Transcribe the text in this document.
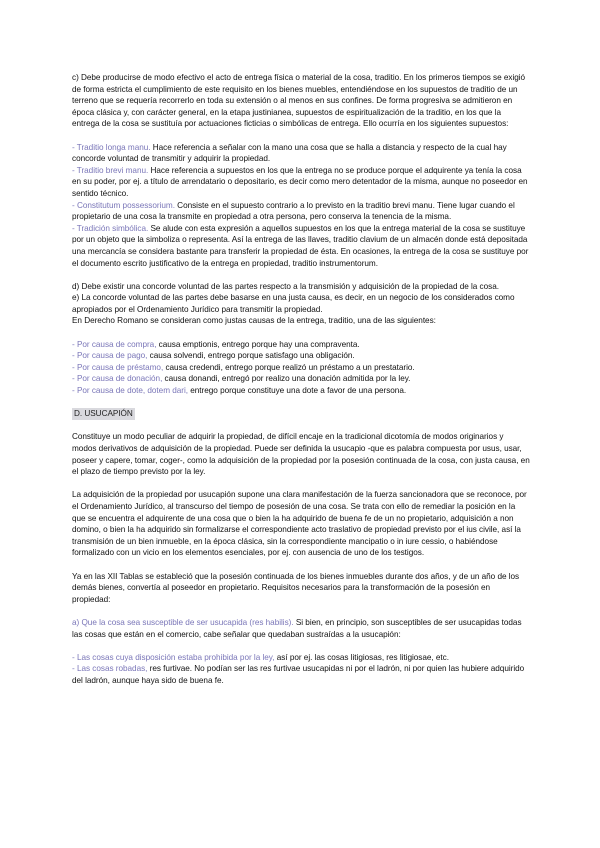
c) Debe producirse de modo efectivo el acto de entrega física o material de la cosa, traditio. En los primeros tiempos se exigió de forma estricta el cumplimiento de este requisito en los bienes muebles, entendiéndose en los supuestos de traditio de un terreno que se requería recorrerlo en toda su extensión o al menos en sus confines. De forma progresiva se admitieron en época clásica y, con carácter general, en la etapa justinianea, supuestos de espiritualización de la traditio, en los que la entrega de la cosa se sustituía por actuaciones ficticias o simbólicas de entrega. Ello ocurría en los siguientes supuestos:

- Traditio longa manu. Hace referencia a señalar con la mano una cosa que se halla a distancia y respecto de la cual hay concorde voluntad de transmitir y adquirir la propiedad.

- Traditio brevi manu. Hace referencia a supuestos en los que la entrega no se produce porque el adquirente ya tenía la cosa en su poder, por ej. a título de arrendatario o depositario, es decir como mero detentador de la misma, aunque no poseedor en sentido técnico.

- Constitutum possessorium. Consiste en el supuesto contrario a lo previsto en la traditio brevi manu. Tiene lugar cuando el propietario de una cosa la transmite en propiedad a otra persona, pero conserva la tenencia de la misma.

- Tradición simbólica. Se alude con esta expresión a aquellos supuestos en los que la entrega material de la cosa se sustituye por un objeto que la simboliza o representa. Así la entrega de las llaves, traditio clavium de un almacén donde está depositada una mercancía se considera bastante para transferir la propiedad de ésta. En ocasiones, la entrega de la cosa se sustituye por el documento escrito justificativo de la entrega en propiedad, traditio instrumentorum.

d) Debe existir una concorde voluntad de las partes respecto a la transmisión y adquisición de la propiedad de la cosa.

e) La concorde voluntad de las partes debe basarse en una justa causa, es decir, en un negocio de los considerados como apropiados por el Ordenamiento Jurídico para transmitir la propiedad.

En Derecho Romano se consideran como justas causas de la entrega, traditio, una de las siguientes:

- Por causa de compra, causa emptionis, entrego porque hay una compraventa.

- Por causa de pago, causa solvendi, entrego porque satisfago una obligación.

- Por causa de préstamo, causa credendi, entrego porque realizó un préstamo a un prestatario.

- Por causa de donación, causa donandi, entregó por realizo una donación admitida por la ley.

- Por causa de dote, dotem dari, entrego porque constituye una dote a favor de una persona.

D. USUCAPIÓN

Constituye un modo peculiar de adquirir la propiedad, de difícil encaje en la tradicional dicotomía de modos originarios y modos derivativos de adquisición de la propiedad. Puede ser definida la usucapio -que es palabra compuesta por usus, usar, poseer y capere, tomar, coger-, como la adquisición de la propiedad por la posesión continuada de la cosa, con justa causa, en el plazo de tiempo previsto por la ley.

La adquisición de la propiedad por usucapión supone una clara manifestación de la fuerza sancionadora que se reconoce, por el Ordenamiento Jurídico, al transcurso del tiempo de posesión de una cosa. Se trata con ello de remediar la posición en la que se encuentra el adquirente de una cosa que o bien la ha adquirido de buena fe de un no propietario, adquisición a non domino, o bien la ha adquirido sin formalizarse el correspondiente acto traslativo de propiedad previsto por el ius civile, así la transmisión de un bien inmueble, en la época clásica, sin la correspondiente mancipatio o in iure cessio, o habiéndose formalizado con un vicio en los elementos esenciales, por ej. con ausencia de uno de los testigos.

Ya en las XII Tablas se estableció que la posesión continuada de los bienes inmuebles durante dos años, y de un año de los demás bienes, convertía al poseedor en propietario. Requisitos necesarios para la transformación de la posesión en propiedad:

a) Que la cosa sea susceptible de ser usucapida (res habilis). Si bien, en principio, son susceptibles de ser usucapidas todas las cosas que están en el comercio, cabe señalar que quedaban sustraídas a la usucapión:

- Las cosas cuya disposición estaba prohibida por la ley, así por ej. las cosas litigiosas, res litigiosae, etc.

- Las cosas robadas, res furtivae. No podían ser las res furtivae usucapidas ni por el ladrón, ni por quien las hubiere adquirido del ladrón, aunque haya sido de buena fe.
